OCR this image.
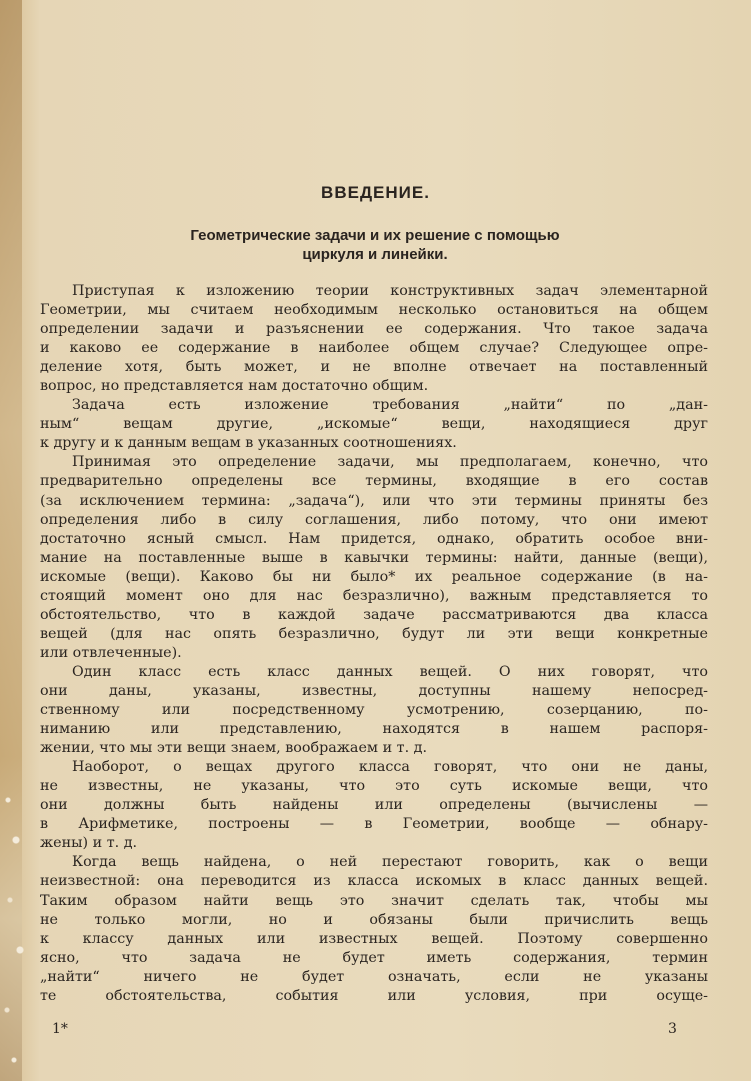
ВВЕДЕНИЕ.
Геометрические задачи и их решение с помощью
циркуля и линейки.
Приступая к изложению теории конструктивных задач элементарной
Геометрии, мы считаем необходимым несколько остановиться на общем
определении задачи и разъяснении ее содержания. Что такое задача
и каково ее содержание в наиболее общем случае? Следующее опре-
деление хотя, быть может, и не вполне отвечает на поставленный
вопрос, но представляется нам достаточно общим.
Задача есть изложение требования „найти“ по „дан-
ным“ вещам другие, „искомые“ вещи, находящиеся друг
к другу и к данным вещам в указанных соотношениях.
Принимая это определение задачи, мы предполагаем, конечно, что
предварительно определены все термины, входящие в его состав
(за исключением термина: „задача“), или что эти термины приняты без
определения либо в силу соглашения, либо потому, что они имеют
достаточно ясный смысл. Нам придется, однако, обратить особое вни-
мание на поставленные выше в кавычки термины: найти, данные (вещи),
искомые (вещи). Каково бы ни было* их реальное содержание (в на-
стоящий момент оно для нас безразлично), важным представляется то
обстоятельство, что в каждой задаче рассматриваются два класса
вещей (для нас опять безразлично, будут ли эти вещи конкретные
или отвлеченные).
Один класс есть класс данных вещей. О них говорят, что
они даны, указаны, известны, доступны нашему непосред-
ственному или посредственному усмотрению, созерцанию, по-
ниманию или представлению, находятся в нашем распоря-
жении, что мы эти вещи знаем, воображаем и т. д.
Наоборот, о вещах другого класса говорят, что они не даны,
не известны, не указаны, что это суть искомые вещи, что
они должны быть найдены или определены (вычислены —
в Арифметике, построены — в Геометрии, вообще — обнару-
жены) и т. д.
Когда вещь найдена, о ней перестают говорить, как о вещи
неизвестной: она переводится из класса искомых в класс данных вещей.
Таким образом найти вещь это значит сделать так, чтобы мы
не только могли, но и обязаны были причислить вещь
к классу данных или известных вещей. Поэтому совершенно
ясно, что задача не будет иметь содержания, термин
„найти“ ничего не будет означать, если не указаны
те обстоятельства, события или условия, при осуще-
1*	3
